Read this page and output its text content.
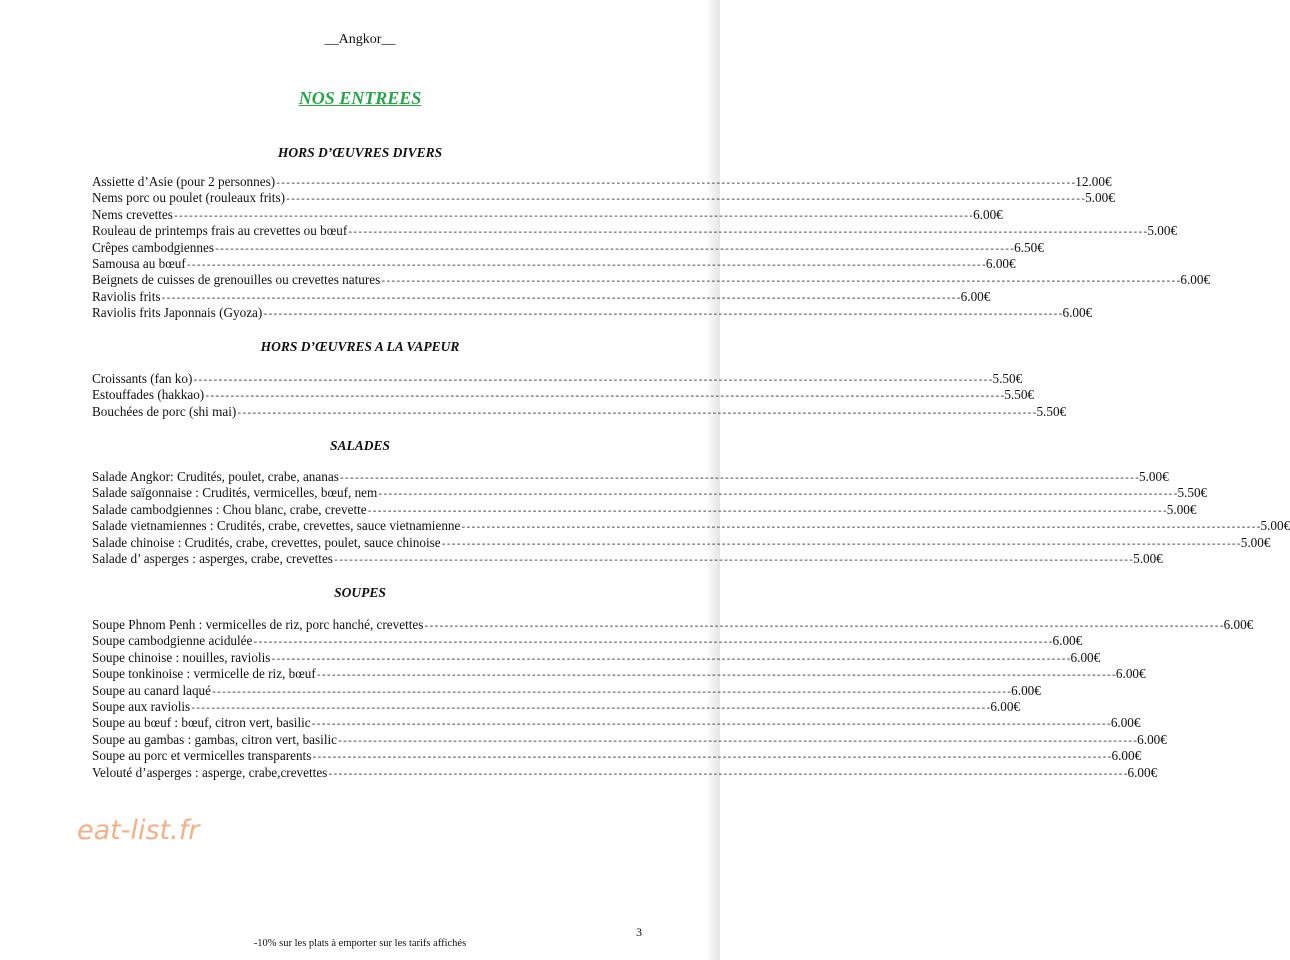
__Angkor__
NOS ENTREES
HORS D’ŒUVRES DIVERS
Assiette d’Asie (pour 2 personnes) ---------------------------------------------------------------------------------------------------------------------------------------------------------------- 12.00€
Nems porc ou poulet (rouleaux frits) ---------------------------------------------------------------------------------------------------------------------------------------------------------------- 5.00€
Nems crevettes ---------------------------------------------------------------------------------------------------------------------------------------------------------------- 6.00€
Rouleau de printemps frais au crevettes ou bœuf ---------------------------------------------------------------------------------------------------------------------------------------------------------------- 5.00€
Crêpes cambodgiennes ---------------------------------------------------------------------------------------------------------------------------------------------------------------- 6.50€
Samousa au bœuf ---------------------------------------------------------------------------------------------------------------------------------------------------------------- 6.00€
Beignets de cuisses de grenouilles ou crevettes natures ---------------------------------------------------------------------------------------------------------------------------------------------------------------- 6.00€
Raviolis frits ---------------------------------------------------------------------------------------------------------------------------------------------------------------- 6.00€
Raviolis frits Japonnais (Gyoza) ---------------------------------------------------------------------------------------------------------------------------------------------------------------- 6.00€
HORS D’ŒUVRES A LA VAPEUR
Croissants (fan ko) ---------------------------------------------------------------------------------------------------------------------------------------------------------------- 5.50€
Estouffades (hakkao) ---------------------------------------------------------------------------------------------------------------------------------------------------------------- 5.50€
Bouchées de porc (shi mai) ---------------------------------------------------------------------------------------------------------------------------------------------------------------- 5.50€
SALADES
Salade Angkor: Crudités, poulet, crabe, ananas ---------------------------------------------------------------------------------------------------------------------------------------------------------------- 5.00€
Salade saïgonnaise : Crudités, vermicelles, bœuf, nem ---------------------------------------------------------------------------------------------------------------------------------------------------------------- 5.50€
Salade cambodgiennes : Chou blanc, crabe, crevette ---------------------------------------------------------------------------------------------------------------------------------------------------------------- 5.00€
Salade vietnamiennes : Crudités, crabe, crevettes, sauce vietnamienne ---------------------------------------------------------------------------------------------------------------------------------------------------------------- 5.00€
Salade chinoise : Crudités, crabe, crevettes, poulet, sauce chinoise ---------------------------------------------------------------------------------------------------------------------------------------------------------------- 5.00€
Salade d’ asperges : asperges, crabe, crevettes ---------------------------------------------------------------------------------------------------------------------------------------------------------------- 5.00€
SOUPES
Soupe Phnom Penh : vermicelles de riz, porc hanché, crevettes ---------------------------------------------------------------------------------------------------------------------------------------------------------------- 6.00€
Soupe cambodgienne acidulée ---------------------------------------------------------------------------------------------------------------------------------------------------------------- 6.00€
Soupe chinoise : nouilles, raviolis ---------------------------------------------------------------------------------------------------------------------------------------------------------------- 6.00€
Soupe tonkinoise : vermicelle de riz, bœuf ---------------------------------------------------------------------------------------------------------------------------------------------------------------- 6.00€
Soupe au canard laqué ---------------------------------------------------------------------------------------------------------------------------------------------------------------- 6.00€
Soupe aux raviolis ---------------------------------------------------------------------------------------------------------------------------------------------------------------- 6.00€
Soupe au bœuf : bœuf, citron vert, basilic ---------------------------------------------------------------------------------------------------------------------------------------------------------------- 6.00€
Soupe au gambas : gambas, citron vert, basilic ---------------------------------------------------------------------------------------------------------------------------------------------------------------- 6.00€
Soupe au porc et vermicelles transparents ---------------------------------------------------------------------------------------------------------------------------------------------------------------- 6.00€
Velouté d’asperges : asperge, crabe,crevettes ---------------------------------------------------------------------------------------------------------------------------------------------------------------- 6.00€
eat-list.fr
3
-10% sur les plats à emporter sur les tarifs affichés
